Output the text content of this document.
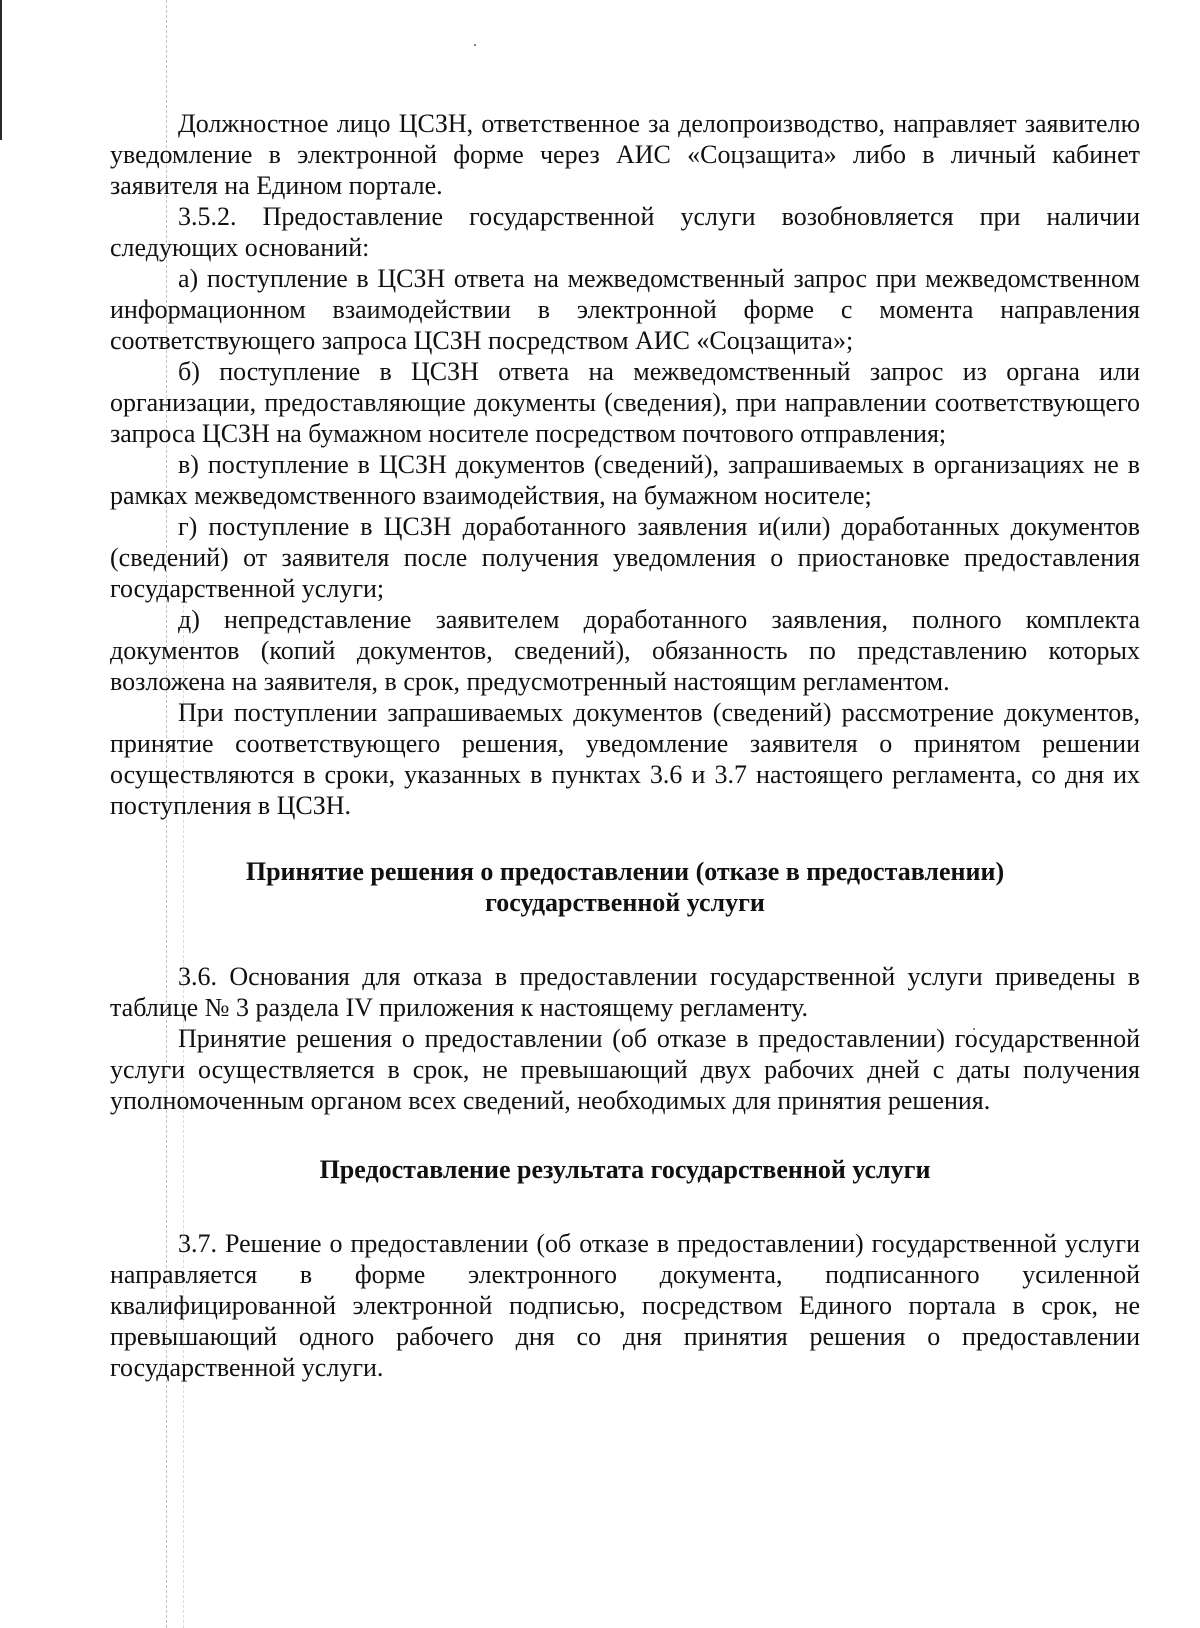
Должностное лицо ЦСЗН, ответственное за делопроизводство, направляет заявителю уведомление в электронной форме через АИС «Соцзащита» либо в личный кабинет заявителя на Едином портале.

3.5.2. Предоставление государственной услуги возобновляется при наличии следующих оснований:

а) поступление в ЦСЗН ответа на межведомственный запрос при межведомственном информационном взаимодействии в электронной форме с момента направления соответствующего запроса ЦСЗН посредством АИС «Соцзащита»;

б) поступление в ЦСЗН ответа на межведомственный запрос из органа или организации, предоставляющие документы (сведения), при направлении соответствующего запроса ЦСЗН на бумажном носителе посредством почтового отправления;

в) поступление в ЦСЗН документов (сведений), запрашиваемых в организациях не в рамках межведомственного взаимодействия, на бумажном носителе;

г) поступление в ЦСЗН доработанного заявления и(или) доработанных документов (сведений) от заявителя после получения уведомления о приостановке предоставления государственной услуги;

д) непредставление заявителем доработанного заявления, полного комплекта документов (копий документов, сведений), обязанность по представлению которых возложена на заявителя, в срок, предусмотренный настоящим регламентом.

При поступлении запрашиваемых документов (сведений) рассмотрение документов, принятие соответствующего решения, уведомление заявителя о принятом решении осуществляются в сроки, указанных в пунктах 3.6 и 3.7 настоящего регламента, со дня их поступления в ЦСЗН.

Принятие решения о предоставлении (отказе в предоставлении)
государственной услуги

3.6. Основания для отказа в предоставлении государственной услуги приведены в таблице № 3 раздела IV приложения к настоящему регламенту.

Принятие решения о предоставлении (об отказе в предоставлении) государственной услуги осуществляется в срок, не превышающий двух рабочих дней с даты получения уполномоченным органом всех сведений, необходимых для принятия решения.

Предоставление результата государственной услуги

3.7. Решение о предоставлении (об отказе в предоставлении) государственной услуги направляется в форме электронного документа, подписанного усиленной квалифицированной электронной подписью, посредством Единого портала в срок, не превышающий одного рабочего дня со дня принятия решения о предоставлении государственной услуги.
